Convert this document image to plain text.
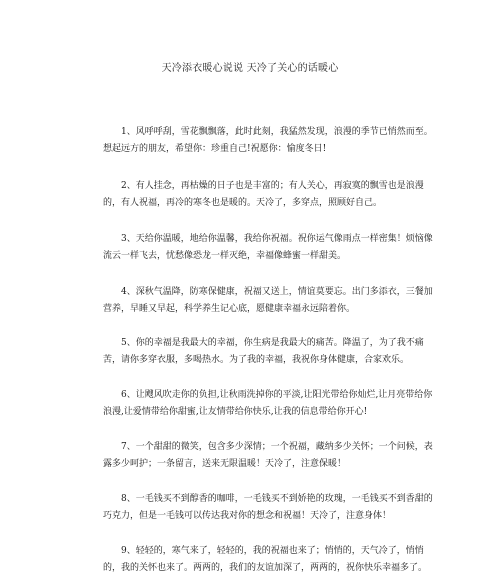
天冷添衣暖心说说 天冷了关心的话暖心

1、风呼呼刮，雪花飘飘落，此时此刻，我猛然发现，浪漫的季节已悄然而至。想起远方的朋友，希望你：珍重自己!祝愿你：愉度冬日!

2、有人挂念，再枯燥的日子也是丰富的；有人关心，再寂寞的飘雪也是浪漫的，有人祝福，再冷的寒冬也是暖的。天冷了，多穿点，照顾好自己。

3、天给你温暖，地给你温馨，我给你祝福。祝你运气像雨点一样密集！烦恼像流云一样飞去，忧愁像恐龙一样灭绝，幸福像蜂蜜一样甜美。

4、深秋气温降，防寒保健康，祝福又送上，情谊莫要忘。出门多添衣，三餐加营养，早睡又早起，科学养生记心底，愿健康幸福永远陪着你。

5、你的幸福是我最大的幸福，你生病是我最大的痛苦。降温了，为了我不痛苦，请你多穿衣服，多喝热水。为了我的幸福，我祝你身体健康，合家欢乐。

6、让飕风吹走你的负担,让秋雨洗掉你的平淡,让阳光带给你灿烂,让月亮带给你浪漫,让爱情带给你甜蜜,让友情带给你快乐,让我的信息带给你开心!

7、一个甜甜的微笑，包含多少深情；一个祝福，藏纳多少关怀；一个问候，表露多少呵护；一条留言，送来无限温暖！天冷了，注意保暖！

8、一毛钱买不到醇香的咖啡，一毛钱买不到娇艳的玫瑰，一毛钱买不到香甜的巧克力，但是一毛钱可以传达我对你的想念和祝福！天冷了，注意身体！

9、轻轻的，寒气来了，轻轻的，我的祝福也来了；悄悄的，天气冷了，悄悄的，我的关怀也来了。两两的，我们的友谊加深了，两两的，祝你快乐幸福多了。
